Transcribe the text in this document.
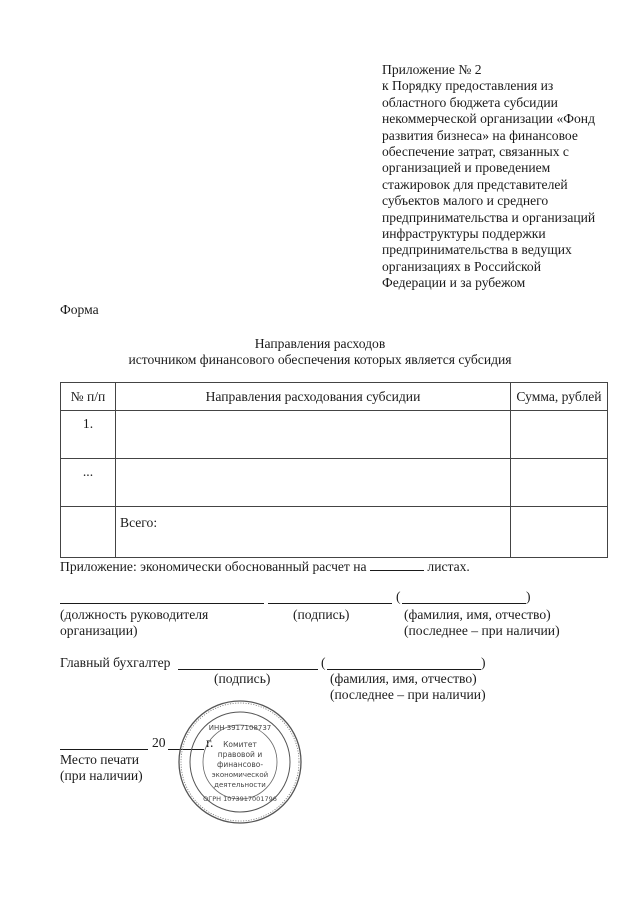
Приложение № 2
к Порядку предоставления из
областного бюджета субсидии
некоммерческой организации «Фонд
развития бизнеса» на финансовое
обеспечение затрат, связанных с
организацией и проведением
стажировок для представителей
субъектов малого и среднего
предпринимательства и организаций
инфраструктуры поддержки
предпринимательства в ведущих
организациях в Российской
Федерации и за рубежом
Форма
Направления расходов
источником финансового обеспечения которых является субсидия
№ п/п	Направления расходования субсидии	Сумма, рублей
1.		
...		
	Всего:	
Приложение: экономически обоснованный расчет на	листах.
(	)
(должность руководителя
организации)
(подпись)	(фамилия, имя, отчество)
(последнее – при наличии)
Главный бухгалтер	(	)
(подпись)	(фамилия, имя, отчество)
(последнее – при наличии)
20	г.
Место печати
(при наличии)
ИНН 3917108737
Комитет
правовой и
финансово-
экономической
деятельности
ОГРН 1073917001796
